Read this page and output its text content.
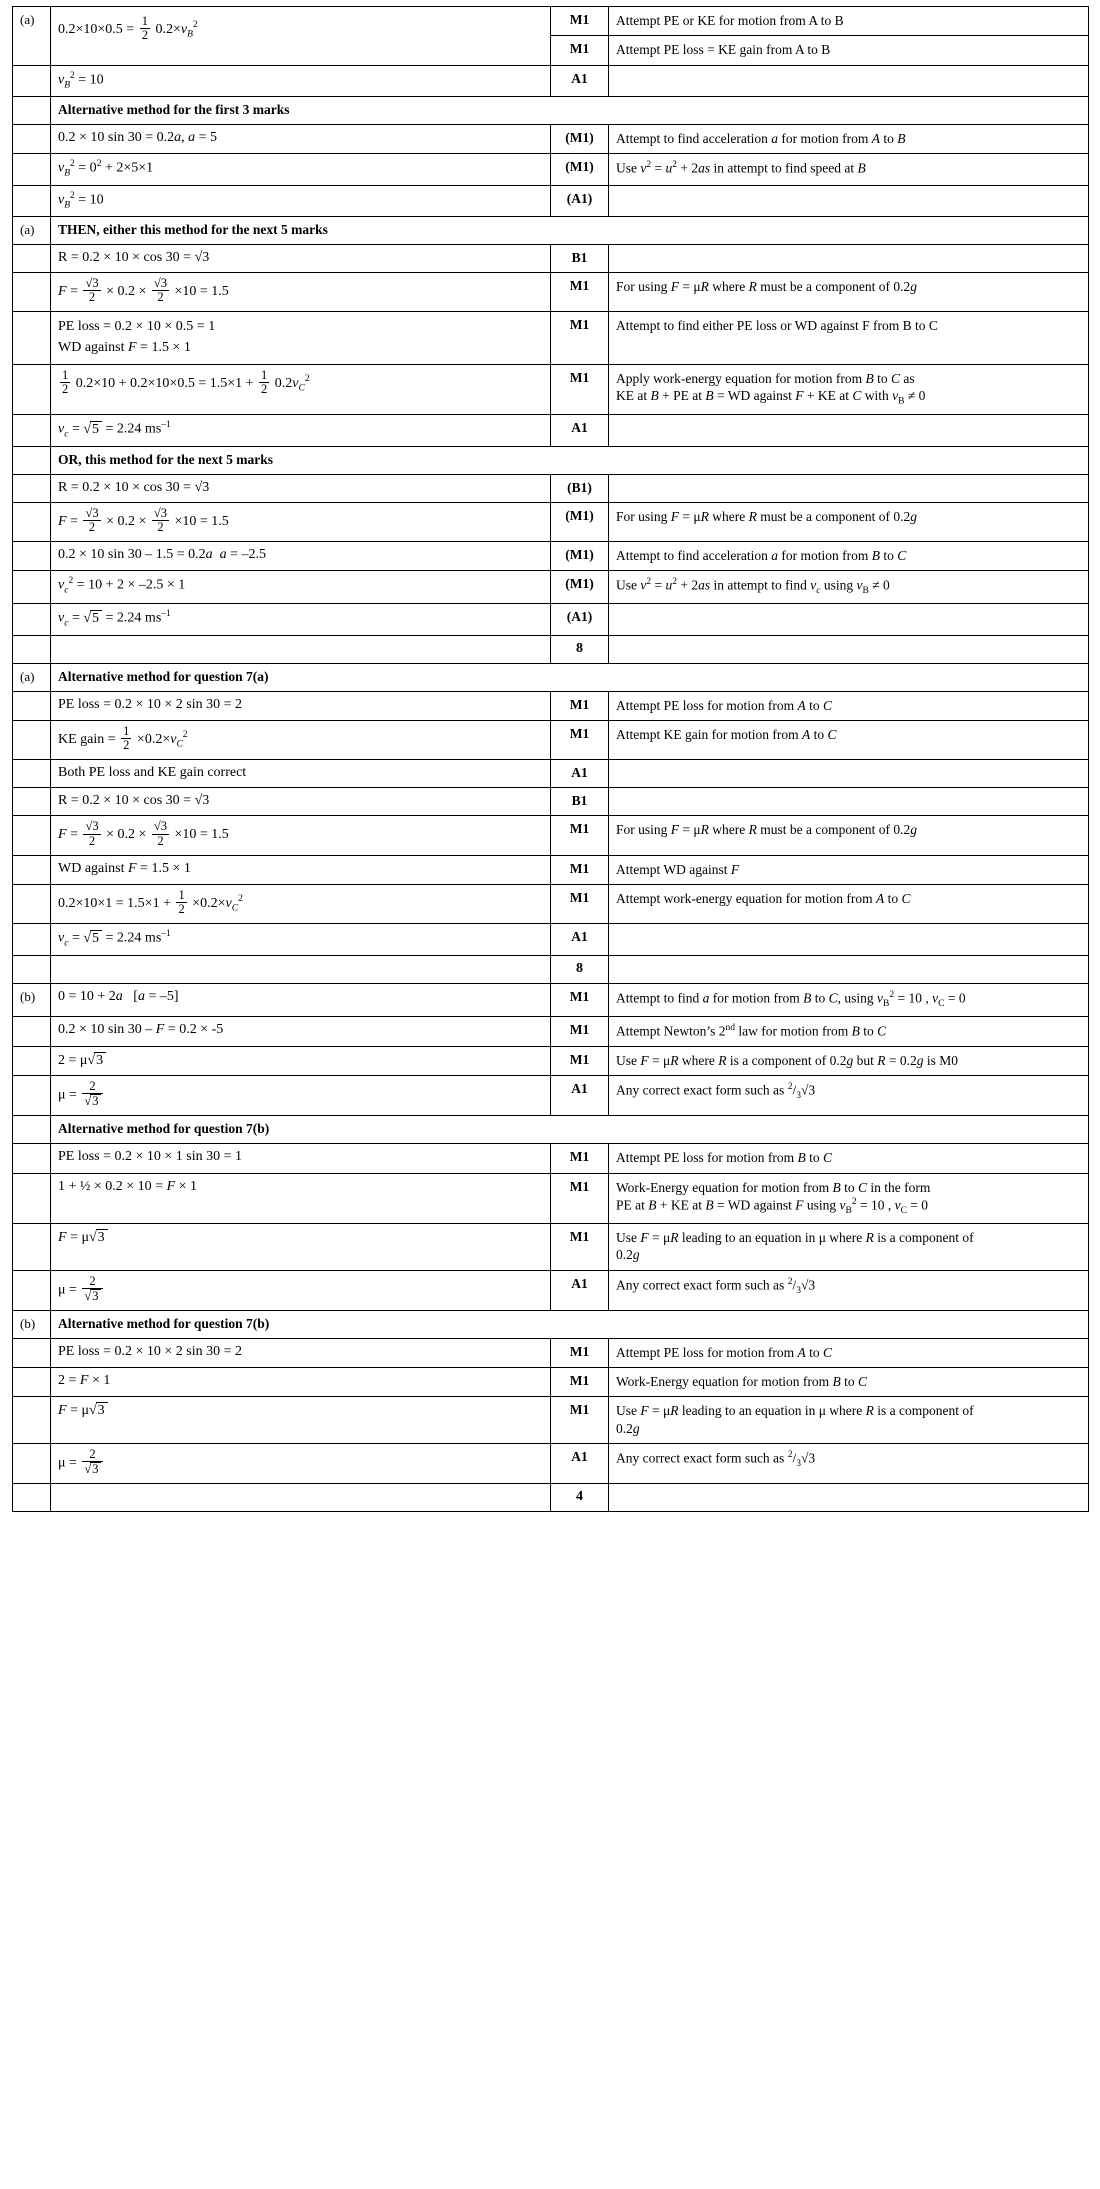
(a)	$0.2\times 10\times 0.5 = \frac{1}{2} 0.2\times v_B^2$	M1	Attempt PE or KE for motion from A to B
		M1	Attempt PE loss = KE gain from A to B
	$v_B^2 = 10$	A1	
	Alternative method for the first 3 marks		
	0.2 × 10 sin 30 = 0.2a, a = 5	(M1)	Attempt to find acceleration a for motion from A to B
	$v_B^2 = 0^2 + 2\times 5\times 1$	(M1)	Use $v^2 = u^2 + 2as$ in attempt to find speed at B
	$v_B^2 = 10$	(A1)	
(a)	THEN, either this method for the next 5 marks		
	R = 0.2 × 10 × cos 30 = √3	B1	
	$F = \frac{√3}{2} \times 0.2 \times \frac{√3}{2} \times 10 = 1.5$	M1	For using F = μR where R must be a component of 0.2g

	PE loss = 0.2 × 10 × 0.5 = 1
WD against F = 1.5 × 1	M1	Attempt to find either PE loss or WD against F from B to C

$\frac{1}{2} 0.2\times 10 + 0.2\times 10\times 0.5 = 1.5\times 1 + \frac{1}{2} 0.2v_C^2$	M1	Apply work-energy equation for motion from B to C as
KE at B + PE at B = WD against F + KE at C with $v_B \ne 0$

	$v_c = √5 = 2.24$ $ms^{-1}$	A1	
	OR, this method for the next 5 marks		
	R = 0.2 × 10 × cos 30 = √3	(B1)	
	$F = \frac{√3}{2} \times 0.2 \times \frac{√3}{2} \times 10 = 1.5$	(M1)	For using F = μR where R must be a component of 0.2g
	0.2 × 10 sin 30 – 1.5 = 0.2a a = –2.5	(M1)	Attempt to find acceleration a for motion from B to C
	$v_c^2 = 10 + 2 \times -2.5 \times 1$	(M1)	Use $v^2 = u^2 + 2as$ in attempt to find $v_c$ using $v_B \ne 0$
	$v_c = √5 = 2.24$ $ms^{-1}$	(A1)	
		8	
(a)	Alternative method for question 7(a)		
	PE loss = 0.2 × 10 × 2 sin 30 = 2	M1	Attempt PE loss for motion from A to C
	KE gain = $\frac{1}{2} \times 0.2\times v_C^2$	M1	Attempt KE gain for motion from A to C
	Both PE loss and KE gain correct	A1	
	R = 0.2 × 10 × cos 30 = √3	B1	
	$F = \frac{√3}{2} \times 0.2 \times \frac{√3}{2} \times 10 = 1.5$	M1	For using F = μR where R must be a component of 0.2g
	WD against F = 1.5 × 1	M1	Attempt WD against F
	$0.2\times 10\times 1 = 1.5\times 1 + \frac{1}{2} \times 0.2\times v_C^2$	M1	Attempt work-energy equation for motion from A to C
	$v_c = √5 = 2.24$ $ms^{-1}$	A1	
		8	
(b)	0 = 10 + 2a   [a = –5]	M1	Attempt to find a for motion from B to C, using $v_B^2 = 10$ , $v_C = 0$
	0.2 × 10 sin 30 – F = 0.2 × -5	M1	Attempt Newton’s 2nd law for motion from B to C
	2 = μ√3	M1	Use F = μR where R is a component of 0.2g but R = 0.2g is M0
	$\mu = \frac{2}{√3}$	A1	Any correct exact form such as $^2/_3√3$
	Alternative method for question 7(b)		
	PE loss = 0.2 × 10 × 1 sin 30 = 1	M1	Attempt PE loss for motion from B to C
	1 + ½ × 0.2 × 10 = F × 1	M1	Work-Energy equation for motion from B to C in the form
PE at B + KE at B = WD against F using $v_B^2 = 10$ , $v_C = 0$

	F = μ√3	M1	Use F = μR leading to an equation in μ where R is a component of
0.2g

	$\mu = \frac{2}{√3}$	A1	Any correct exact form such as $^2/_3√3$
(b)	Alternative method for question 7(b)		
	PE loss = 0.2 × 10 × 2 sin 30 = 2	M1	Attempt PE loss for motion from A to C
	2 = F × 1	M1	Work-Energy equation for motion from B to C
	F = μ√3	M1	Use F = μR leading to an equation in μ where R is a component of
0.2g

	$\mu = \frac{2}{√3}$	A1	Any correct exact form such as $^2/_3√3$
		4	
